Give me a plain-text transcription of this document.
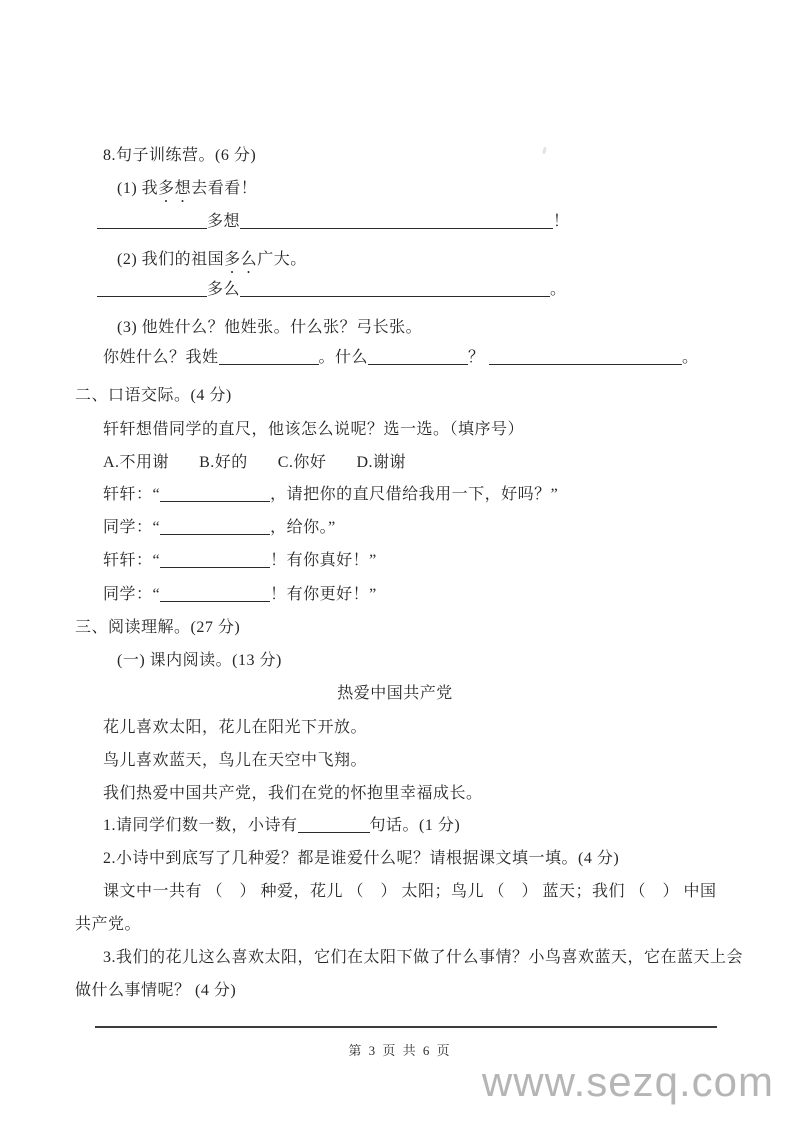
8.句子训练营。(6 分)
(1) 我多想去看看！
多想	！
(2) 我们的祖国多么广大。
多么	。
(3) 他姓什么？他姓张。什么张？弓长张。
你姓什么？我姓	。什么	？	。
二、口语交际。(4 分)
轩轩想借同学的直尺，他该怎么说呢？选一选。（填序号）
A.不用谢 B.好的 C.你好 D.谢谢
轩轩：“	，请把你的直尺借给我用一下，好吗？”
同学：“	，给你。”
轩轩：“	！有你真好！”
同学：“	！有你更好！”
三、阅读理解。(27 分)
(一) 课内阅读。(13 分)
热爱中国共产党
花儿喜欢太阳，花儿在阳光下开放。
鸟儿喜欢蓝天，鸟儿在天空中飞翔。
我们热爱中国共产党，我们在党的怀抱里幸福成长。
1.请同学们数一数，小诗有	句话。(1 分)
2.小诗中到底写了几种爱？都是谁爱什么呢？请根据课文填一填。(4 分)
课文中一共有 （　） 种爱，花儿 （　） 太阳；鸟儿 （　） 蓝天；我们 （　） 中国
共产党。
3.我们的花儿这么喜欢太阳，它们在太阳下做了什么事情？小鸟喜欢蓝天，它在蓝天上会
做什么事情呢？ (4 分)
第 3 页 共 6 页
www.sezq.com
